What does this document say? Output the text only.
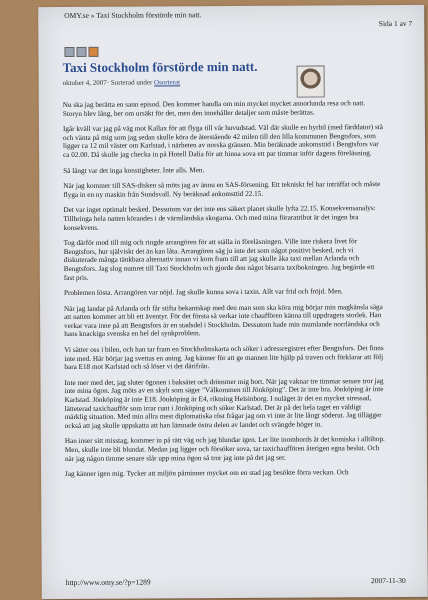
OMY.se » Taxi Stockholm förstörde min natt.
Sida 1 av 7
Taxi Stockholm förstörde min natt.
oktober 4, 2007· Sorterad under Osorterat

Nu ska jag berätta en sann episod. Den kommer handla om min mycket mycket annorlunda resa och natt. Storyn blev lång, ber om ursäkt för det, men den innehåller detaljer som måste berättas.

Igår kväll var jag på väg mot Kallax för att flyga till vår huvudstad. Väl där skulle en hyrbil (med färddator) stå och vänta på mig som jag sedan skulle köra de återstående 42 milen till den lilla kommunen Bengtsfors, som ligger ca 12 mil väster om Karlstad, i närheten av norska gränsen. Min beräknade ankomsttid i Bengtsfors var ca 02.00. Då skulle jag checka in på Hotell Dalia för att hinna sova ett par timmar inför dagens föreläsning.

Så långt var det inga konstigheter. Inte alls. Men.

När jag kommer till SAS-disken så möts jag av ännu en SAS-försening. Ett tekniskt fel har inträffat och måste flyga in en ny maskin från Sundsvall. Ny beräknad ankomsttid 22.15.

Det var inget optimalt besked. Dessutom var det inte ens säkert planet skulle lyfta 22.15. Konsekvensanalys: Tillbringa hela natten körandes i de värmländska skogarna. Och med mina föraratribut är det ingen bra konsekvens.

Tog därför mod till mig och ringde arrangören för att ställa in föreläsningen. Ville inte riskera livet för Bengtsfors, hur själviskt det än kan låta. Arrangören såg ju inte det som något positivt besked, och vi diskuterade många tänkbara alternativ innan vi kom fram till att jag skulle åka taxi mellan Arlanda och Bengtsfors. Jag slog numret till Taxi Stockholm och gjorde den något bisarra taxibokningen. Jag begärde ett fast pris.

Problemen lösta. Arrangören var nöjd. Jag skulle kunna sova i taxin. Allt var frid och fröjd. Men.

När jag landar på Arlanda och får stifta bekantskap med den man som ska köra mig börjar min magkänsla säga att natten kommer att bli ett äventyr. För det första så verkar inte chauffören känna till uppdragets storlek. Han verkar vara inne på att Bengtsfors är en stadsdel i Stockholm. Dessutom hade min mumlande norrländska och hans knackiga svenska en hel del synkproblem.

Vi sätter oss i bilen, och han tar fram en Stockholmskarta och söker i adressregistret efter Bengtsfors. Det finns inte med. Här börjar jag svettas en aning. Jag känner för att ge mannen lite hjälp på traven och förklarar att följ bara E18 mot Karlstad och så löser vi det därifrån.

Inte mer med det, jag sluter ögonen i baksätet och drömmer mig bort. När jag vaknar tre timmar senare tror jag inte mina ögon. Jag möts av en skylt som säger "Välkommen till Jönköping". Det är inte bra. Jönköping är inte Karlstad. Jönköping är inte E18. Jönköping är E4, riktning Helsinborg. I nuläget är det en mycket stressad, lätteterad taxichaufför som irrar runt i Jönköping och söker Karlstad. Det är på det hela taget en väldigt märklig situation. Med min allra mest diplomatiska röst frågar jag om vi inte är lite långt söderut. Jag tillägger också att jag skulle uppskatta att han lämnade östra delen av landet och svängde höger in.

Han inser sitt misstag, kommer in på rätt väg och jag blundar igen. Ler lite inombords åt det komiska i alltihop. Men, skulle inte bli blundat. Medan jag ligger och försöker sova, tar taxichauffören återigen egna beslut. Och när jag någon timme senare slår upp mina ögon så tror jag inte på det jag ser.

Jag känner igen mig. Tycker att miljön påminner mycket om en stad jag besökte förra veckan. Och

http://www.omy.se/?p=1289	2007-11-30
